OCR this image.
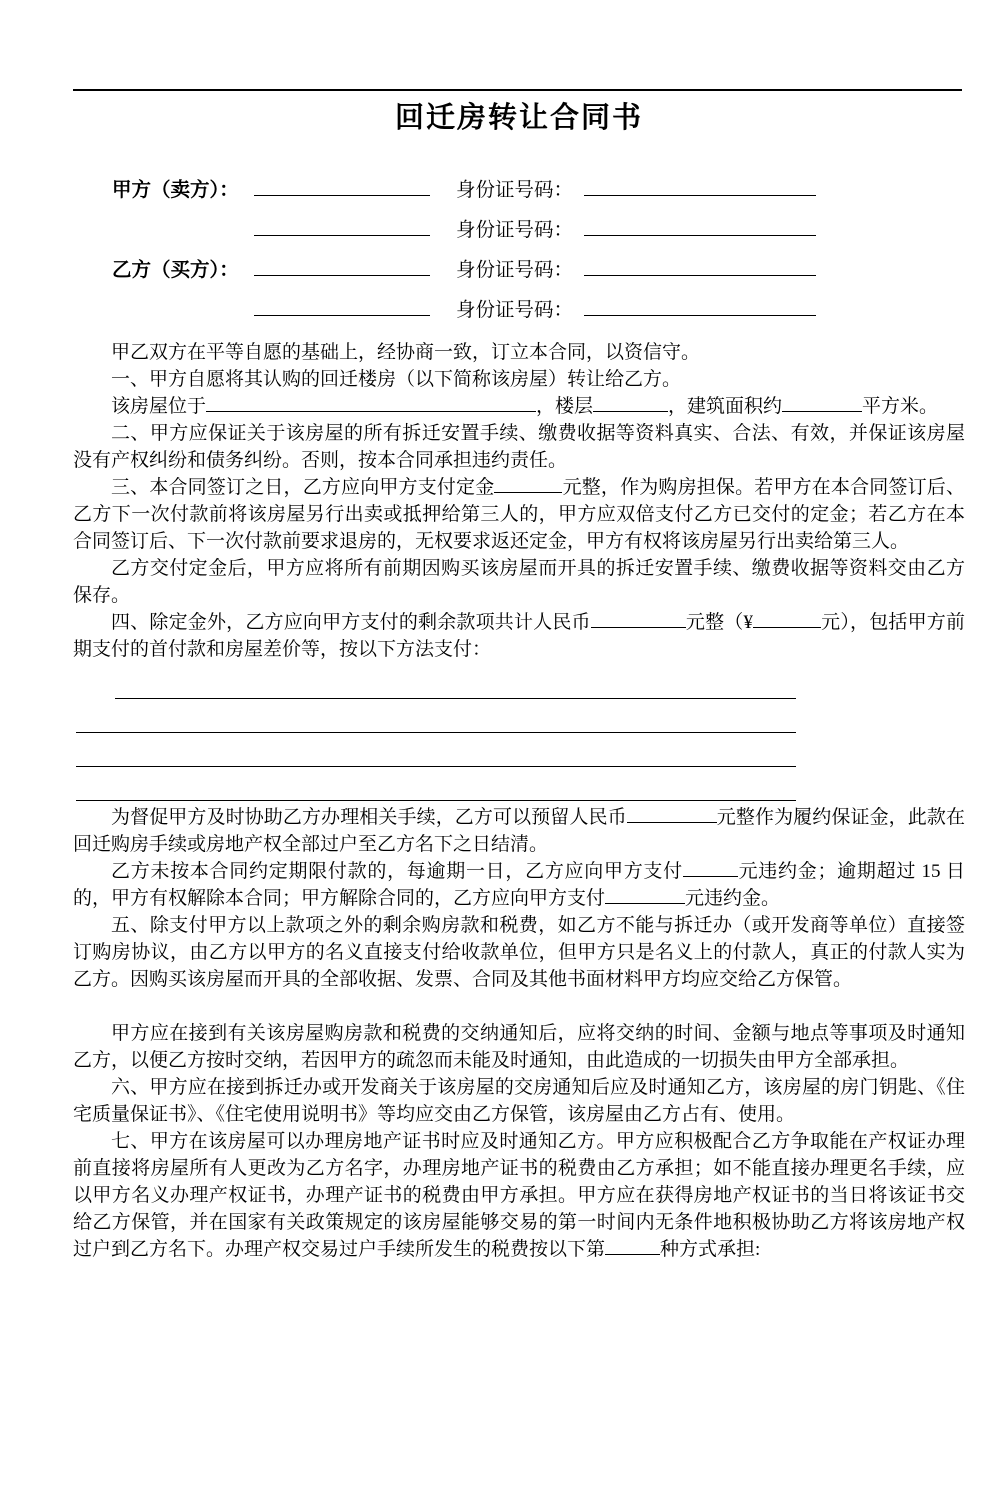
回迁房转让合同书
甲方（卖方）：	身份证号码：
身份证号码：
乙方（买方）：	身份证号码：
身份证号码：

甲乙双方在平等自愿的基础上，经协商一致，订立本合同，以资信守。

一、甲方自愿将其认购的回迁楼房（以下简称该房屋）转让给乙方。

该房屋位于	，楼层	，建筑面积约	平方米。

二、甲方应保证关于该房屋的所有拆迁安置手续、缴费收据等资料真实、合法、有效，并保证该房屋没有产权纠纷和债务纠纷。否则，按本合同承担违约责任。

三、本合同签订之日，乙方应向甲方支付定金	元整，作为购房担保。若甲方在本合同签订后、乙方下一次付款前将该房屋另行出卖或抵押给第三人的，甲方应双倍支付乙方已交付的定金；若乙方在本合同签订后、下一次付款前要求退房的，无权要求返还定金，甲方有权将该房屋另行出卖给第三人。

乙方交付定金后，甲方应将所有前期因购买该房屋而开具的拆迁安置手续、缴费收据等资料交由乙方保存。

四、除定金外，乙方应向甲方支付的剩余款项共计人民币	元整（¥	元），包括甲方前期支付的首付款和房屋差价等，按以下方法支付：

为督促甲方及时协助乙方办理相关手续，乙方可以预留人民币	元整作为履约保证金，此款在回迁购房手续或房地产权全部过户至乙方名下之日结清。

乙方未按本合同约定期限付款的，每逾期一日，乙方应向甲方支付	元违约金；逾期超过 15 日的，甲方有权解除本合同；甲方解除合同的，乙方应向甲方支付	元违约金。

五、除支付甲方以上款项之外的剩余购房款和税费，如乙方不能与拆迁办（或开发商等单位）直接签订购房协议，由乙方以甲方的名义直接支付给收款单位，但甲方只是名义上的付款人，真正的付款人实为乙方。因购买该房屋而开具的全部收据、发票、合同及其他书面材料甲方均应交给乙方保管。

甲方应在接到有关该房屋购房款和税费的交纳通知后，应将交纳的时间、金额与地点等事项及时通知乙方，以便乙方按时交纳，若因甲方的疏忽而未能及时通知，由此造成的一切损失由甲方全部承担。

六、甲方应在接到拆迁办或开发商关于该房屋的交房通知后应及时通知乙方，该房屋的房门钥匙、《住宅质量保证书》、《住宅使用说明书》等均应交由乙方保管，该房屋由乙方占有、使用。

七、甲方在该房屋可以办理房地产证书时应及时通知乙方。甲方应积极配合乙方争取能在产权证办理前直接将房屋所有人更改为乙方名字，办理房地产证书的税费由乙方承担；如不能直接办理更名手续，应以甲方名义办理产权证书，办理产证书的税费由甲方承担。甲方应在获得房地产权证书的当日将该证书交给乙方保管，并在国家有关政策规定的该房屋能够交易的第一时间内无条件地积极协助乙方将该房地产权过户到乙方名下。办理产权交易过户手续所发生的税费按以下第	种方式承担:
